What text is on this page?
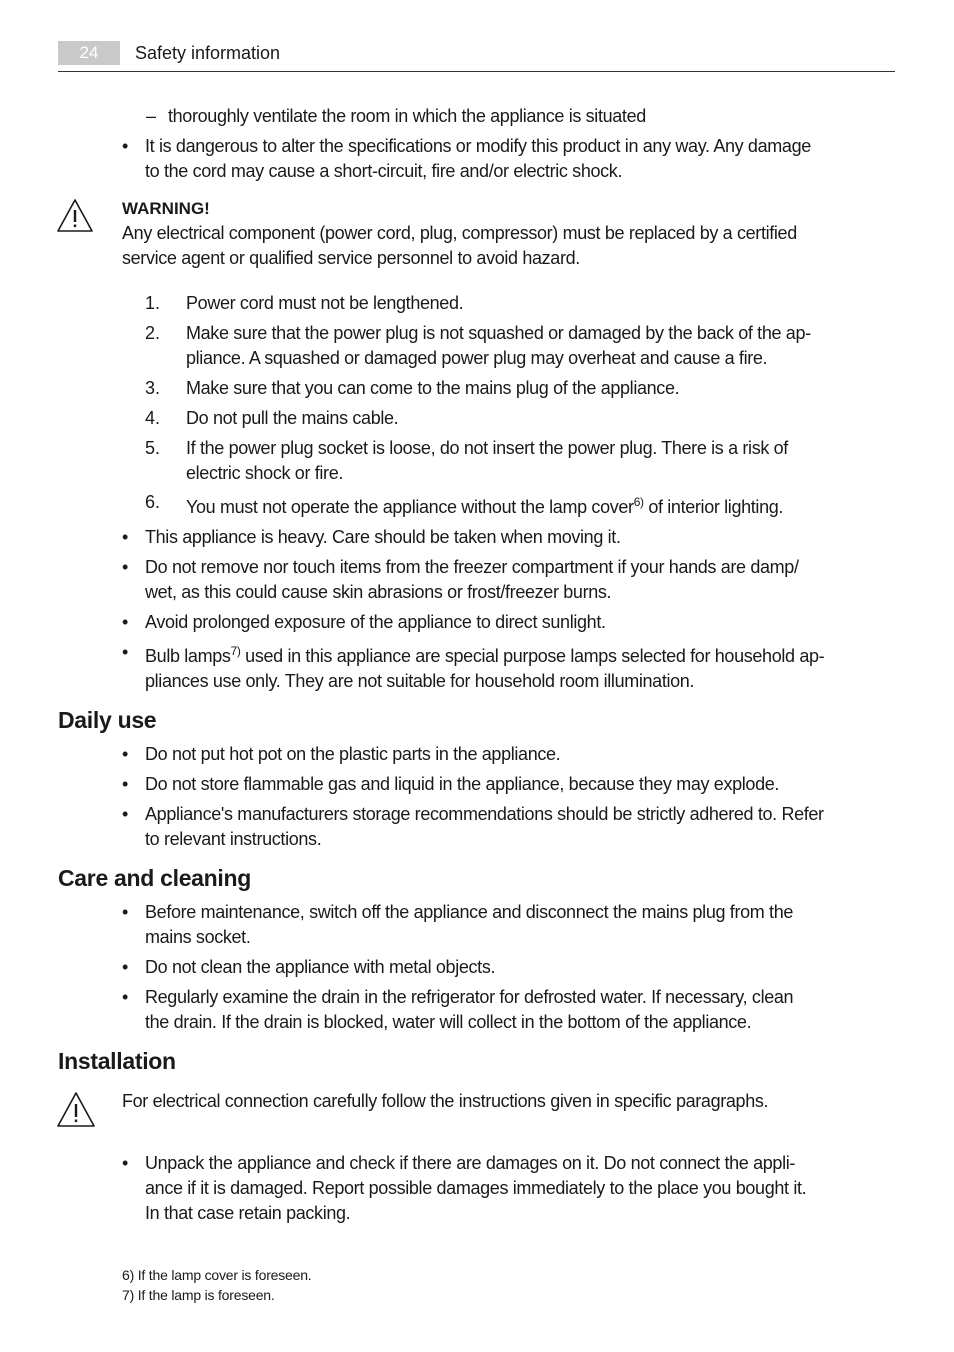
24	Safety information
– thoroughly ventilate the room in which the appliance is situated

• It is dangerous to alter the specifications or modify this product in any way. Any damage

to the cord may cause a short-circuit, fire and/or electric shock.

WARNING!

Any electrical component (power cord, plug, compressor) must be replaced by a certified

service agent or qualified service personnel to avoid hazard.

1. Power cord must not be lengthened.

2. Make sure that the power plug is not squashed or damaged by the back of the ap-

pliance. A squashed or damaged power plug may overheat and cause a fire.

3. Make sure that you can come to the mains plug of the appliance.

4. Do not pull the mains cable.

5. If the power plug socket is loose, do not insert the power plug. There is a risk of

electric shock or fire.

6. You must not operate the appliance without the lamp cover$^{6)}$ of interior lighting.

• This appliance is heavy. Care should be taken when moving it.

• Do not remove nor touch items from the freezer compartment if your hands are damp/

wet, as this could cause skin abrasions or frost/freezer burns.

• Avoid prolonged exposure of the appliance to direct sunlight.

• Bulb lamps$^{7)}$ used in this appliance are special purpose lamps selected for household ap-

pliances use only. They are not suitable for household room illumination.

Daily use
• Do not put hot pot on the plastic parts in the appliance.

• Do not store flammable gas and liquid in the appliance, because they may explode.

• Appliance's manufacturers storage recommendations should be strictly adhered to. Refer

to relevant instructions.

Care and cleaning
• Before maintenance, switch off the appliance and disconnect the mains plug from the

mains socket.

• Do not clean the appliance with metal objects.

• Regularly examine the drain in the refrigerator for defrosted water. If necessary, clean

the drain. If the drain is blocked, water will collect in the bottom of the appliance.

Installation

For electrical connection carefully follow the instructions given in specific paragraphs.

• Unpack the appliance and check if there are damages on it. Do not connect the appli-

ance if it is damaged. Report possible damages immediately to the place you bought it.

In that case retain packing.

6) If the lamp cover is foreseen.
7) If the lamp is foreseen.
